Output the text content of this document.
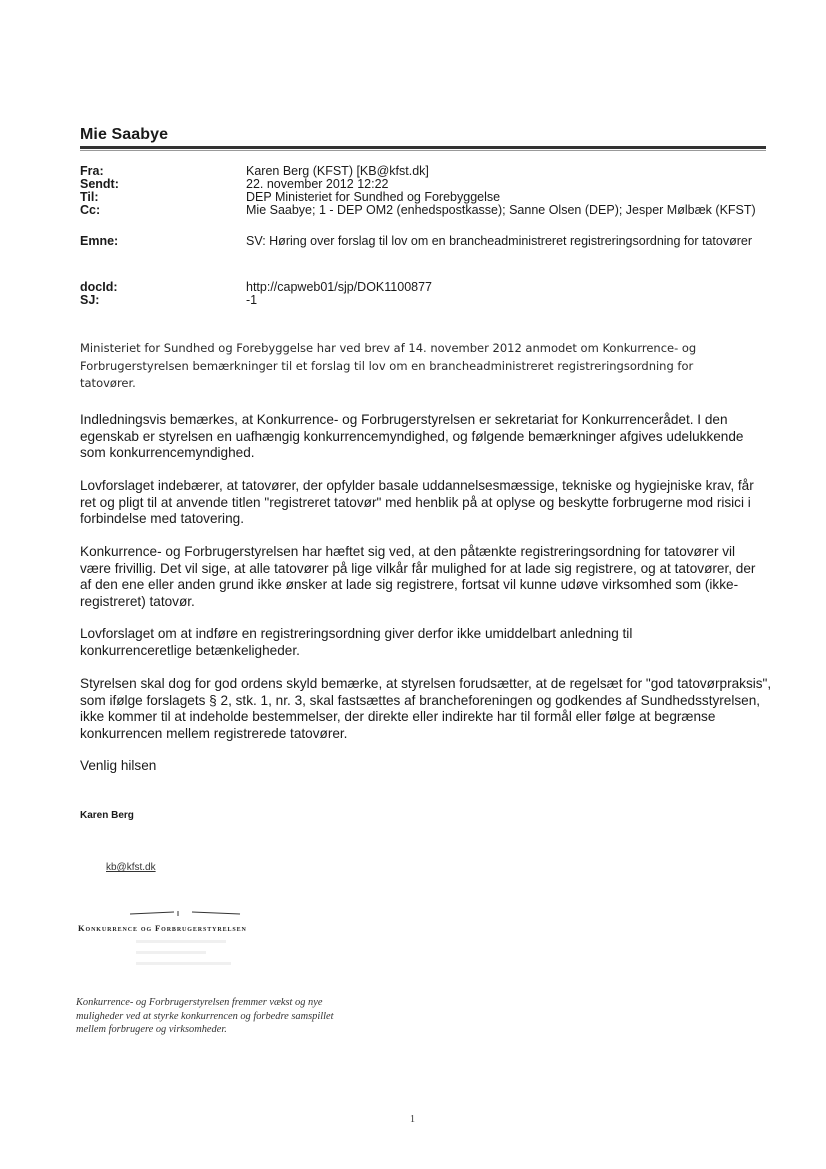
Mie Saabye
Fra:	Karen Berg (KFST) [KB@kfst.dk]
Sendt:	22. november 2012 12:22
Til:	DEP Ministeriet for Sundhed og Forebyggelse
Cc:	Mie Saabye; 1 - DEP OM2 (enhedspostkasse); Sanne Olsen (DEP); Jesper Mølbæk (KFST)
Emne:	SV: Høring over forslag til lov om en brancheadministreret registreringsordning for tatovører
docId:	http://capweb01/sjp/DOK1100877
SJ:	-1
Ministeriet for Sundhed og Forebyggelse har ved brev af 14. november 2012 anmodet om Konkurrence- og Forbrugerstyrelsen bemærkninger til et forslag til lov om en brancheadministreret registreringsordning for tatovører.
Indledningsvis bemærkes, at Konkurrence- og Forbrugerstyrelsen er sekretariat for Konkurrencerådet. I den egenskab er styrelsen en uafhængig konkurrencemyndighed, og følgende bemærkninger afgives udelukkende som konkurrencemyndighed.
Lovforslaget indebærer, at tatovører, der opfylder basale uddannelsesmæssige, tekniske og hygiejniske krav, får ret og pligt til at anvende titlen "registreret tatovør" med henblik på at oplyse og beskytte forbrugerne mod risici i forbindelse med tatovering.
Konkurrence- og Forbrugerstyrelsen har hæftet sig ved, at den påtænkte registreringsordning for tatovører vil være frivillig. Det vil sige, at alle tatovører på lige vilkår får mulighed for at lade sig registrere, og at tatovører, der af den ene eller anden grund ikke ønsker at lade sig registrere, fortsat vil kunne udøve virksomhed som (ikke-registreret) tatovør.
Lovforslaget om at indføre en registreringsordning giver derfor ikke umiddelbart anledning til konkurrenceretlige betænkeligheder.
Styrelsen skal dog for god ordens skyld bemærke, at styrelsen forudsætter, at de regelsæt for "god tatovørpraksis", som ifølge forslagets § 2, stk. 1, nr. 3, skal fastsættes af brancheforeningen og godkendes af Sundhedsstyrelsen, ikke kommer til at indeholde bestemmelser, der direkte eller indirekte har til formål eller følge at begrænse konkurrencen mellem registrerede tatovører.
Venlig hilsen
Karen Berg
kb@kfst.dk
Konkurrence og Forbrugerstyrelsen
Konkurrence- og Forbrugerstyrelsen fremmer vækst og nye muligheder ved at styrke konkurrencen og forbedre samspillet mellem forbrugere og virksomheder.
1
